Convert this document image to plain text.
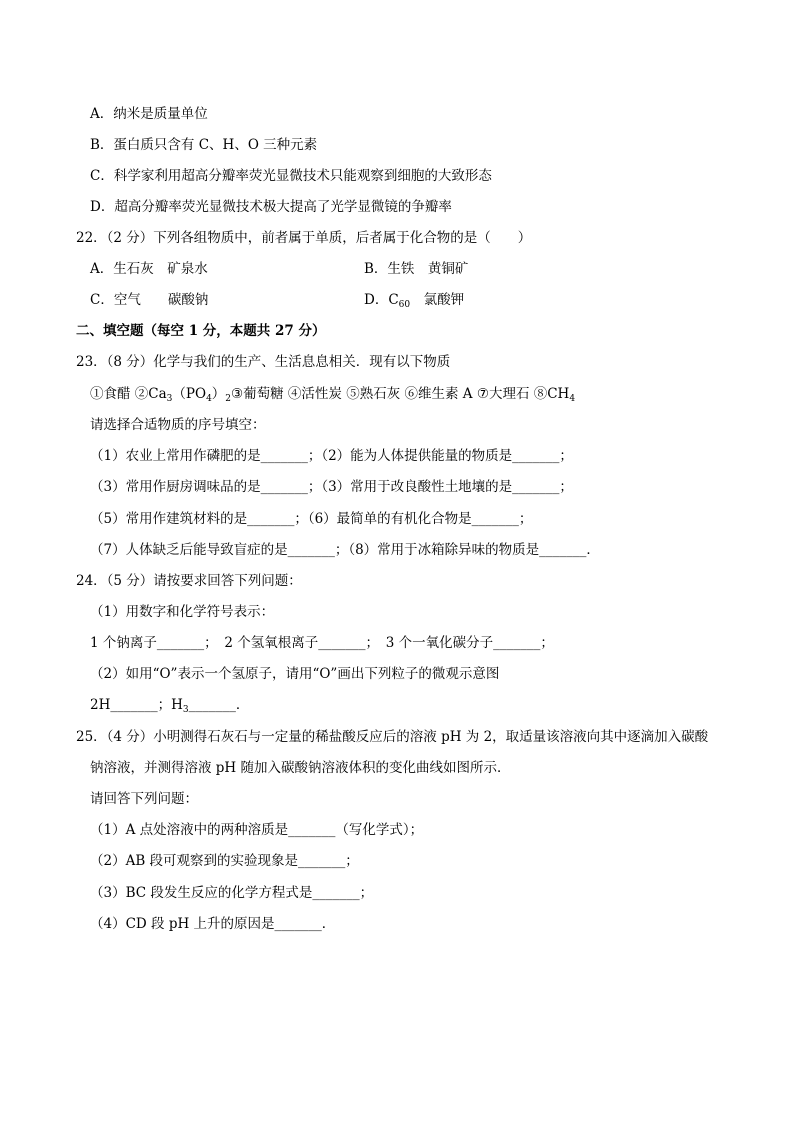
A．纳米是质量单位
B．蛋白质只含有 C、H、O 三种元素
C．科学家利用超高分瓣率荧光显微技术只能观察到细胞的大致形态
D．超高分瓣率荧光显微技术极大提高了光学显微镜的争瓣率
22．（2 分）下列各组物质中，前者属于单质，后者属于化合物的是（　　）
A．生石灰　矿泉水	B．生铁　黄铜矿
C．空气　　碳酸钠	D．$C_{60}$　氯酸钾
二、填空题（每空 1 分，本题共 27 分）
23．（8 分）化学与我们的生产、生活息息相关．现有以下物质
①食醋 $②Ca_3(PO_4)_2③$葡萄糖 ④活性炭 ⑤熟石灰 ⑥维生素 A ⑦大理石 $⑧CH_4$
请选择合适物质的序号填空：
（1）农业上常用作磷肥的是_______；（2）能为人体提供能量的物质是_______；
（3）常用作厨房调味品的是_______；（3）常用于改良酸性土地壤的是_______；
（5）常用作建筑材料的是_______；（6）最简单的有机化合物是_______；
（7）人体缺乏后能导致盲症的是_______；（8）常用于冰箱除异味的物质是_______．
24．（5 分）请按要求回答下列问题：
（1）用数字和化学符号表示：
1 个钠离子_______；　2 个氢氧根离子_______；　3 个一氧化碳分子_______；
（2）如用“O”表示一个氢原子，请用“O”画出下列粒子的微观示意图
2H_______；$H_3\_\_\_\_\_\_\_$．
25．（4 分）小明测得石灰石与一定量的稀盐酸反应后的溶液 pH 为 2，取适量该溶液向其中逐滴加入碳酸
钠溶液，并测得溶液 pH 随加入碳酸钠溶液体积的变化曲线如图所示．
请回答下列问题：
（1）A 点处溶液中的两种溶质是_______（写化学式）；
（2）AB 段可观察到的实验现象是_______；
（3）BC 段发生反应的化学方程式是_______；
（4）CD 段 pH 上升的原因是_______．
